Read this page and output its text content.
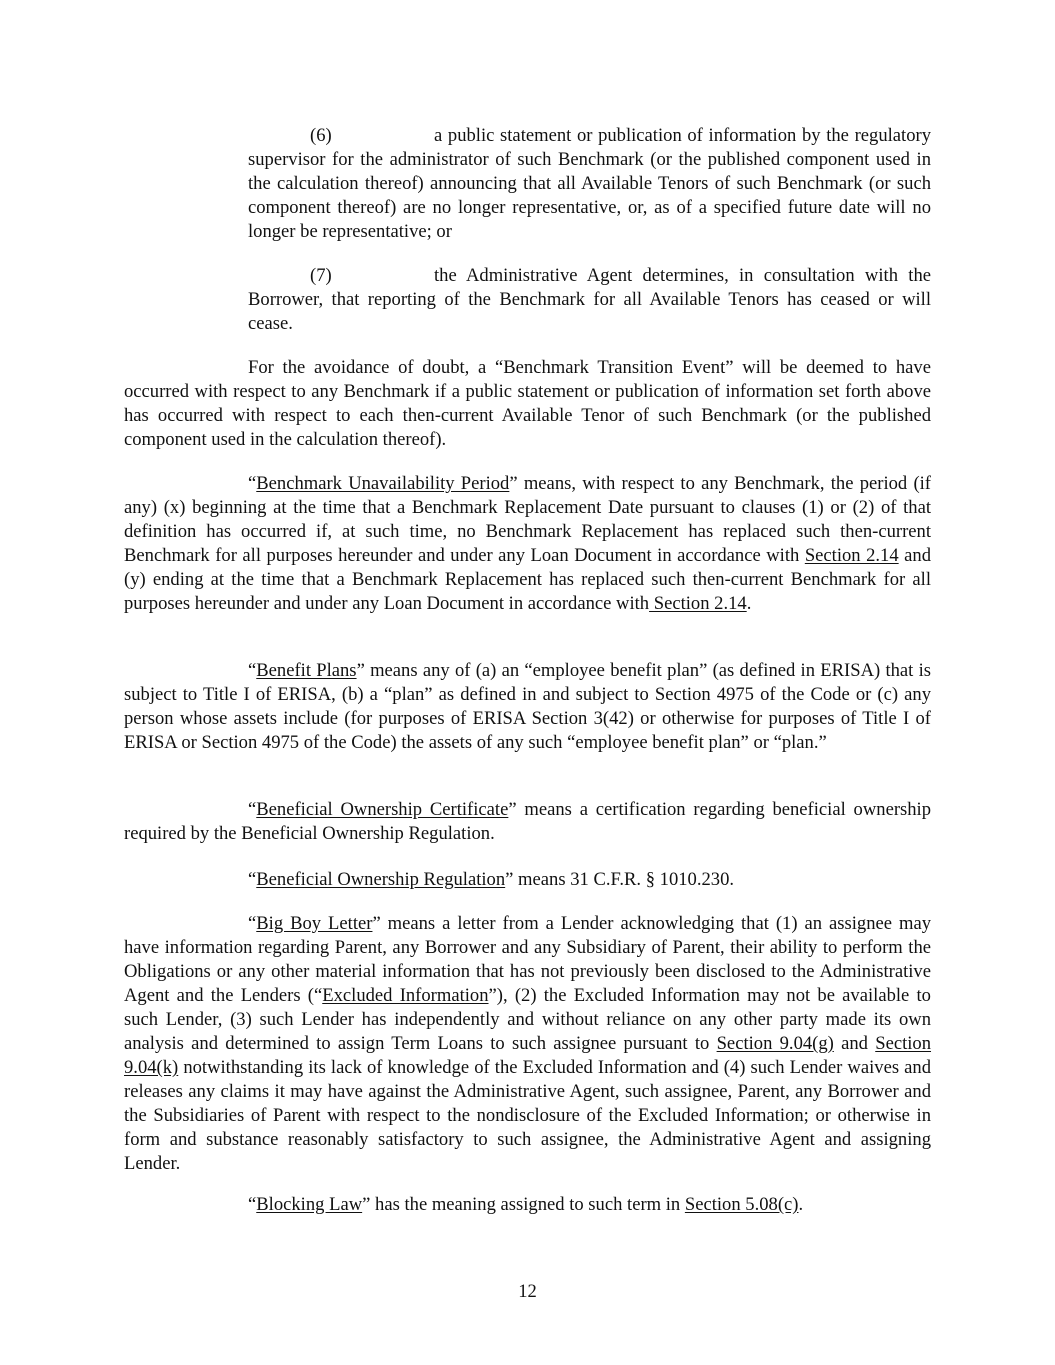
(6)	a public statement or publication of information by the regulatory supervisor for the administrator of such Benchmark (or the published component used in the calculation thereof) announcing that all Available Tenors of such Benchmark (or such component thereof) are no longer representative, or, as of a specified future date will no longer be representative; or

(7)	the Administrative Agent determines, in consultation with the Borrower, that reporting of the Benchmark for all Available Tenors has ceased or will cease.

For the avoidance of doubt, a “Benchmark Transition Event” will be deemed to have occurred with respect to any Benchmark if a public statement or publication of information set forth above has occurred with respect to each then-current Available Tenor of such Benchmark (or the published component used in the calculation thereof).

“Benchmark Unavailability Period” means, with respect to any Benchmark, the period (if any) (x) beginning at the time that a Benchmark Replacement Date pursuant to clauses (1) or (2) of that definition has occurred if, at such time, no Benchmark Replacement has replaced such then-current Benchmark for all purposes hereunder and under any Loan Document in accordance with Section 2.14 and (y) ending at the time that a Benchmark Replacement has replaced such then-current Benchmark for all purposes hereunder and under any Loan Document in accordance with Section 2.14.

“Benefit Plans” means any of (a) an “employee benefit plan” (as defined in ERISA) that is subject to Title I of ERISA, (b) a “plan” as defined in and subject to Section 4975 of the Code or (c) any person whose assets include (for purposes of ERISA Section 3(42) or otherwise for purposes of Title I of ERISA or Section 4975 of the Code) the assets of any such “employee benefit plan” or “plan.”

“Beneficial Ownership Certificate” means a certification regarding beneficial ownership required by the Beneficial Ownership Regulation.

“Beneficial Ownership Regulation” means 31 C.F.R. § 1010.230.

“Big Boy Letter” means a letter from a Lender acknowledging that (1) an assignee may have information regarding Parent, any Borrower and any Subsidiary of Parent, their ability to perform the Obligations or any other material information that has not previously been disclosed to the Administrative Agent and the Lenders (“Excluded Information”), (2) the Excluded Information may not be available to such Lender, (3) such Lender has independently and without reliance on any other party made its own analysis and determined to assign Term Loans to such assignee pursuant to Section 9.04(g) and Section 9.04(k) notwithstanding its lack of knowledge of the Excluded Information and (4) such Lender waives and releases any claims it may have against the Administrative Agent, such assignee, Parent, any Borrower and the Subsidiaries of Parent with respect to the nondisclosure of the Excluded Information; or otherwise in form and substance reasonably satisfactory to such assignee, the Administrative Agent and assigning Lender.

“Blocking Law” has the meaning assigned to such term in Section 5.08(c).

12
